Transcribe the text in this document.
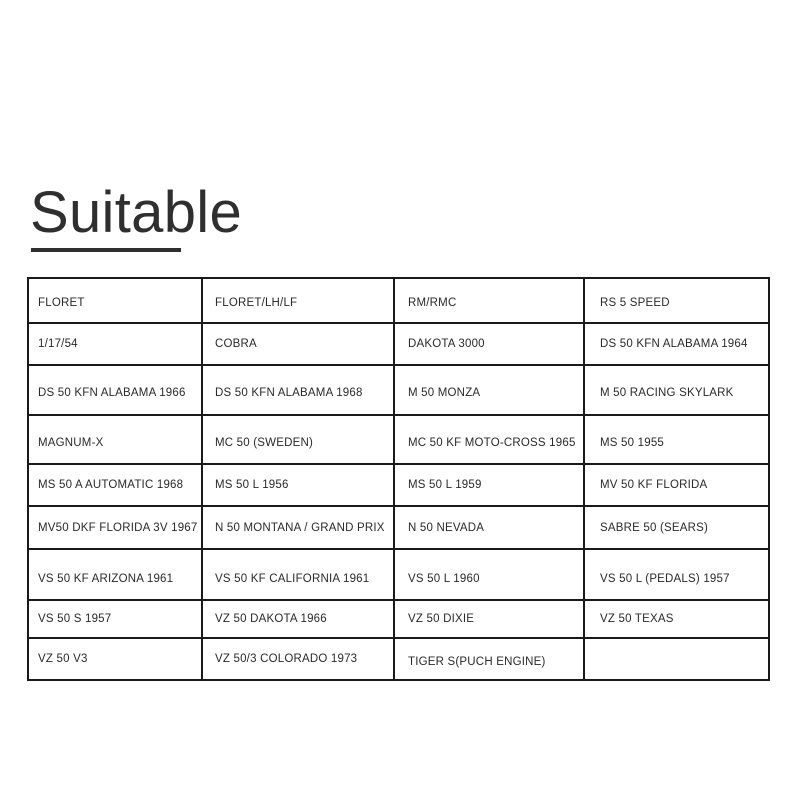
Suitable
FLORET	FLORET/LH/LF	RM/RMC	RS 5 SPEED
1/17/54	COBRA	DAKOTA 3000	DS 50 KFN ALABAMA 1964
DS 50 KFN ALABAMA 1966	DS 50 KFN ALABAMA 1968	M 50 MONZA	M 50 RACING SKYLARK
MAGNUM-X	MC 50 (SWEDEN)	MC 50 KF MOTO-CROSS 1965	MS 50 1955
MS 50 A AUTOMATIC 1968	MS 50 L 1956	MS 50 L 1959	MV 50 KF FLORIDA
MV50 DKF FLORIDA 3V 1967	N 50 MONTANA / GRAND PRIX	N 50 NEVADA	SABRE 50 (SEARS)
VS 50 KF ARIZONA 1961	VS 50 KF CALIFORNIA 1961	VS 50 L 1960	VS 50 L (PEDALS) 1957
VS 50 S 1957	VZ 50 DAKOTA 1966	VZ 50 DIXIE	VZ 50 TEXAS
VZ 50 V3	VZ 50/3 COLORADO 1973	TIGER S(PUCH ENGINE)	
